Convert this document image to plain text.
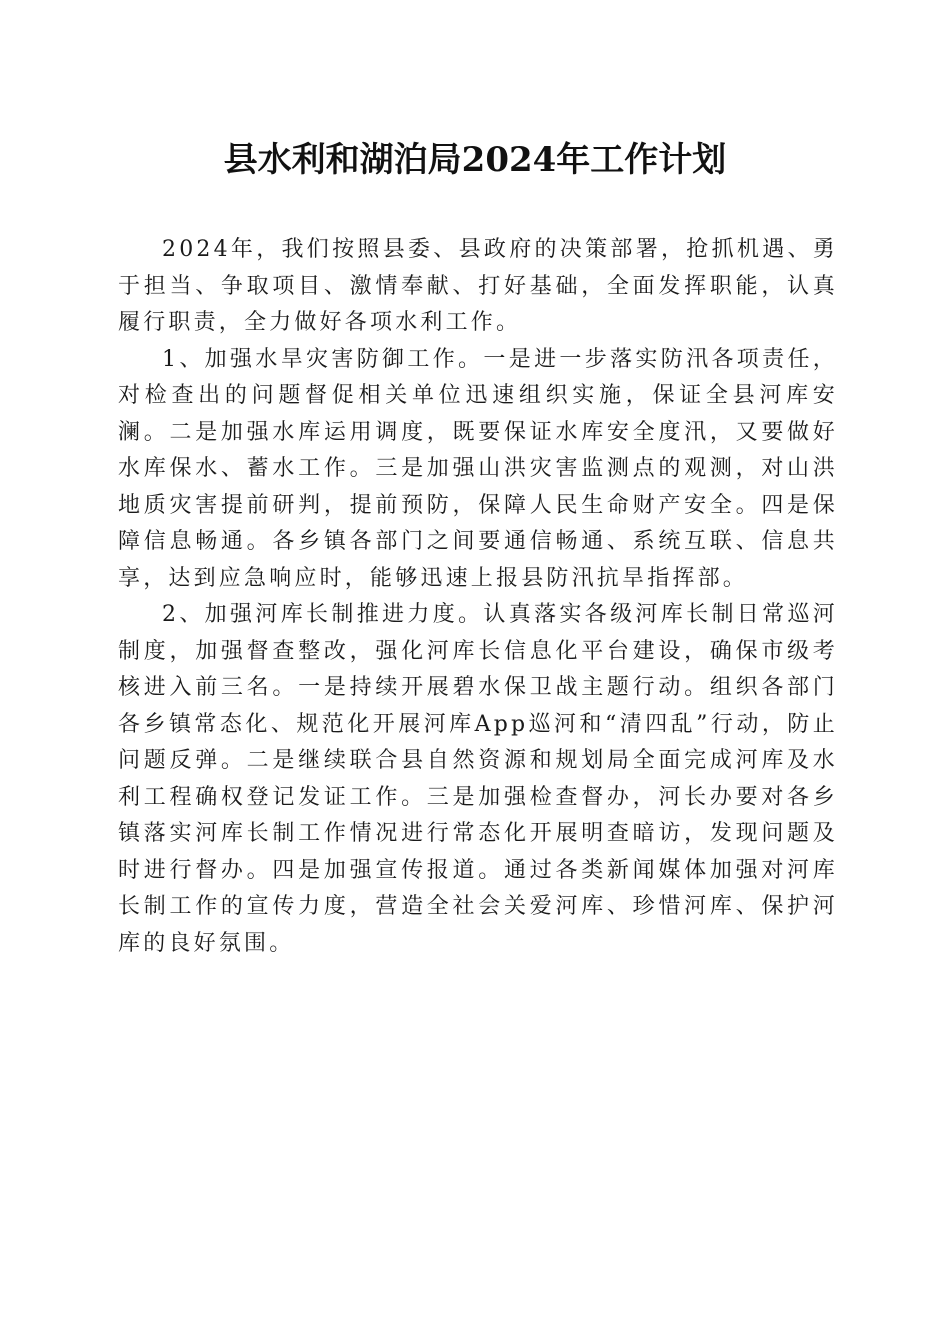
县水利和湖泊局2024年工作计划

2024年，我们按照县委、县政府的决策部署，抢抓机遇、勇于担当、争取项目、激情奉献、打好基础，全面发挥职能，认真履行职责，全力做好各项水利工作。

1、加强水旱灾害防御工作。一是进一步落实防汛各项责任，对检查出的问题督促相关单位迅速组织实施，保证全县河库安澜。二是加强水库运用调度，既要保证水库安全度汛，又要做好水库保水、蓄水工作。三是加强山洪灾害监测点的观测，对山洪地质灾害提前研判，提前预防，保障人民生命财产安全。四是保障信息畅通。各乡镇各部门之间要通信畅通、系统互联、信息共享，达到应急响应时，能够迅速上报县防汛抗旱指挥部。

2、加强河库长制推进力度。认真落实各级河库长制日常巡河制度，加强督查整改，强化河库长信息化平台建设，确保市级考核进入前三名。一是持续开展碧水保卫战主题行动。组织各部门各乡镇常态化、规范化开展河库App巡河和“清四乱”行动，防止问题反弹。二是继续联合县自然资源和规划局全面完成河库及水利工程确权登记发证工作。三是加强检查督办，河长办要对各乡镇落实河库长制工作情况进行常态化开展明查暗访，发现问题及时进行督办。四是加强宣传报道。通过各类新闻媒体加强对河库长制工作的宣传力度，营造全社会关爱河库、珍惜河库、保护河库的良好氛围。
